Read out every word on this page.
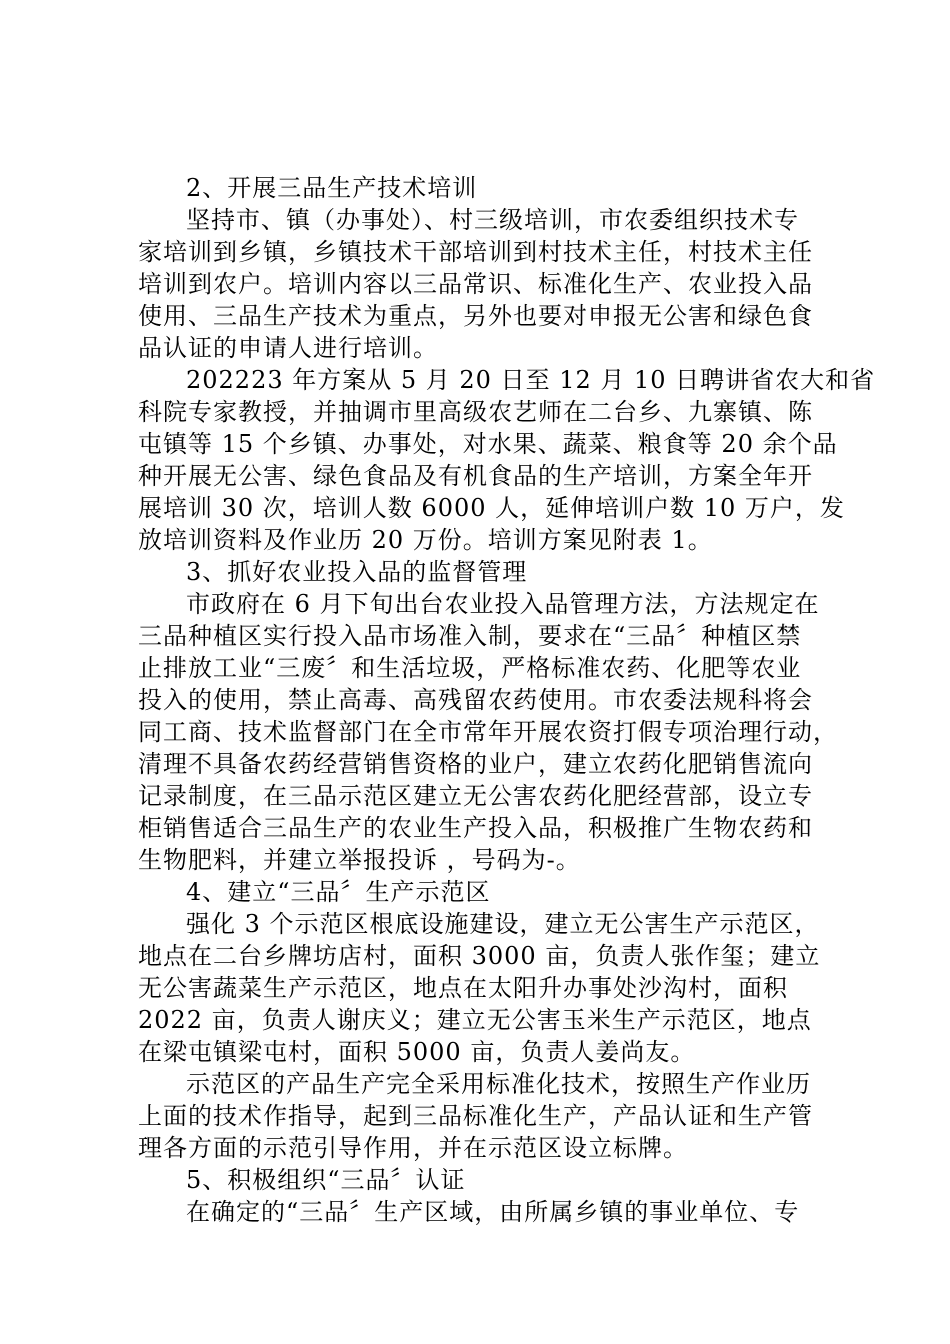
2、开展三品生产技术培训
坚持市、镇（办事处）、村三级培训，市农委组织技术专
家培训到乡镇，乡镇技术干部培训到村技术主任，村技术主任
培训到农户。培训内容以三品常识、标准化生产、农业投入品
使用、三品生产技术为重点，另外也要对申报无公害和绿色食
品认证的申请人进行培训。
202223 年方案从 5 月 20 日至 12 月 10 日聘讲省农大和省
科院专家教授，并抽调市里高级农艺师在二台乡、九寨镇、陈
屯镇等 15 个乡镇、办事处，对水果、蔬菜、粮食等 20 余个品
种开展无公害、绿色食品及有机食品的生产培训，方案全年开
展培训 30 次，培训人数 6000 人，延伸培训户数 10 万户，发
放培训资料及作业历 20 万份。培训方案见附表 1。
3、抓好农业投入品的监督管理
市政府在 6 月下旬出台农业投入品管理方法，方法规定在
三品种植区实行投入品市场准入制，要求在“三品〞种植区禁
止排放工业“三废〞和生活垃圾，严格标准农药、化肥等农业
投入的使用，禁止高毒、高残留农药使用。市农委法规科将会
同工商、技术监督部门在全市常年开展农资打假专项治理行动，
清理不具备农药经营销售资格的业户，建立农药化肥销售流向
记录制度，在三品示范区建立无公害农药化肥经营部，设立专
柜销售适合三品生产的农业生产投入品，积极推广生物农药和
生物肥料，并建立举报投诉 ，号码为-。
4、建立“三品〞生产示范区
强化 3 个示范区根底设施建设，建立无公害生产示范区，
地点在二台乡牌坊店村，面积 3000 亩，负责人张作玺；建立
无公害蔬菜生产示范区，地点在太阳升办事处沙沟村，面积
2022 亩，负责人谢庆义；建立无公害玉米生产示范区，地点
在梁屯镇梁屯村，面积 5000 亩，负责人姜尚友。
示范区的产品生产完全采用标准化技术，按照生产作业历
上面的技术作指导，起到三品标准化生产，产品认证和生产管
理各方面的示范引导作用，并在示范区设立标牌。
5、积极组织“三品〞认证
在确定的“三品〞生产区域，由所属乡镇的事业单位、专
